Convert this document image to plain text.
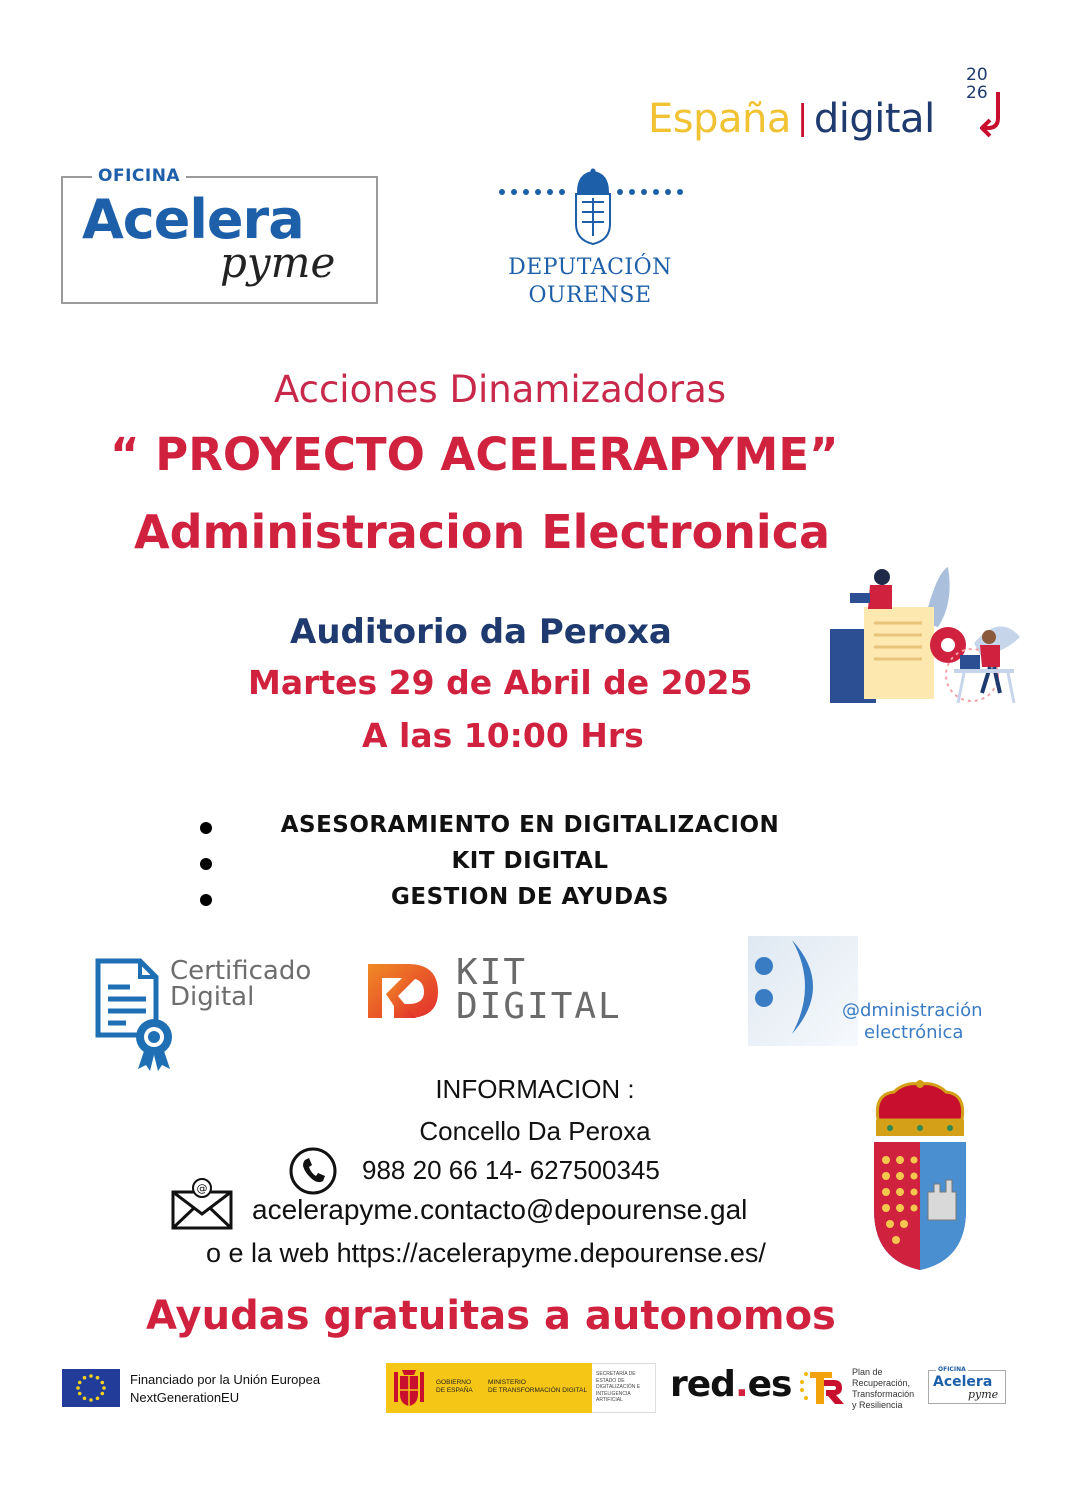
España | digital
20
26
OFICINA
Acelera
pyme	DEPUTACIÓN
OURENSE
Acciones Dinamizadoras
“ PROYECTO ACELERAPYME”
Administracion Electronica
Auditorio da Peroxa
Martes 29 de Abril de 2025
A las 10:00 Hrs
ASESORAMIENTO EN DIGITALIZACION
KIT DIGITAL
GESTION DE AYUDAS
Certificado
Digital
KIT
DIGITAL	@dministración
electrónica
INFORMACION :
Concello Da Peroxa
988 20 66 14- 627500345
@
acelerapyme.contacto@depourense.gal
o e la web https://acelerapyme.depourense.es/
Ayudas gratuitas a autonomos
Financiado por la Unión Europea
NextGenerationEU
GOBIERNO
DE ESPAÑA
MINISTERIO
DE TRANSFORMACIÓN DIGITAL
SECRETARÍA DE ESTADO DE DIGITALIZACIÓN E INTELIGENCIA ARTIFICIAL	red.es	Plan de
Recuperación,
Transformación
y Resiliencia
OFICINA
Acelera
pyme
